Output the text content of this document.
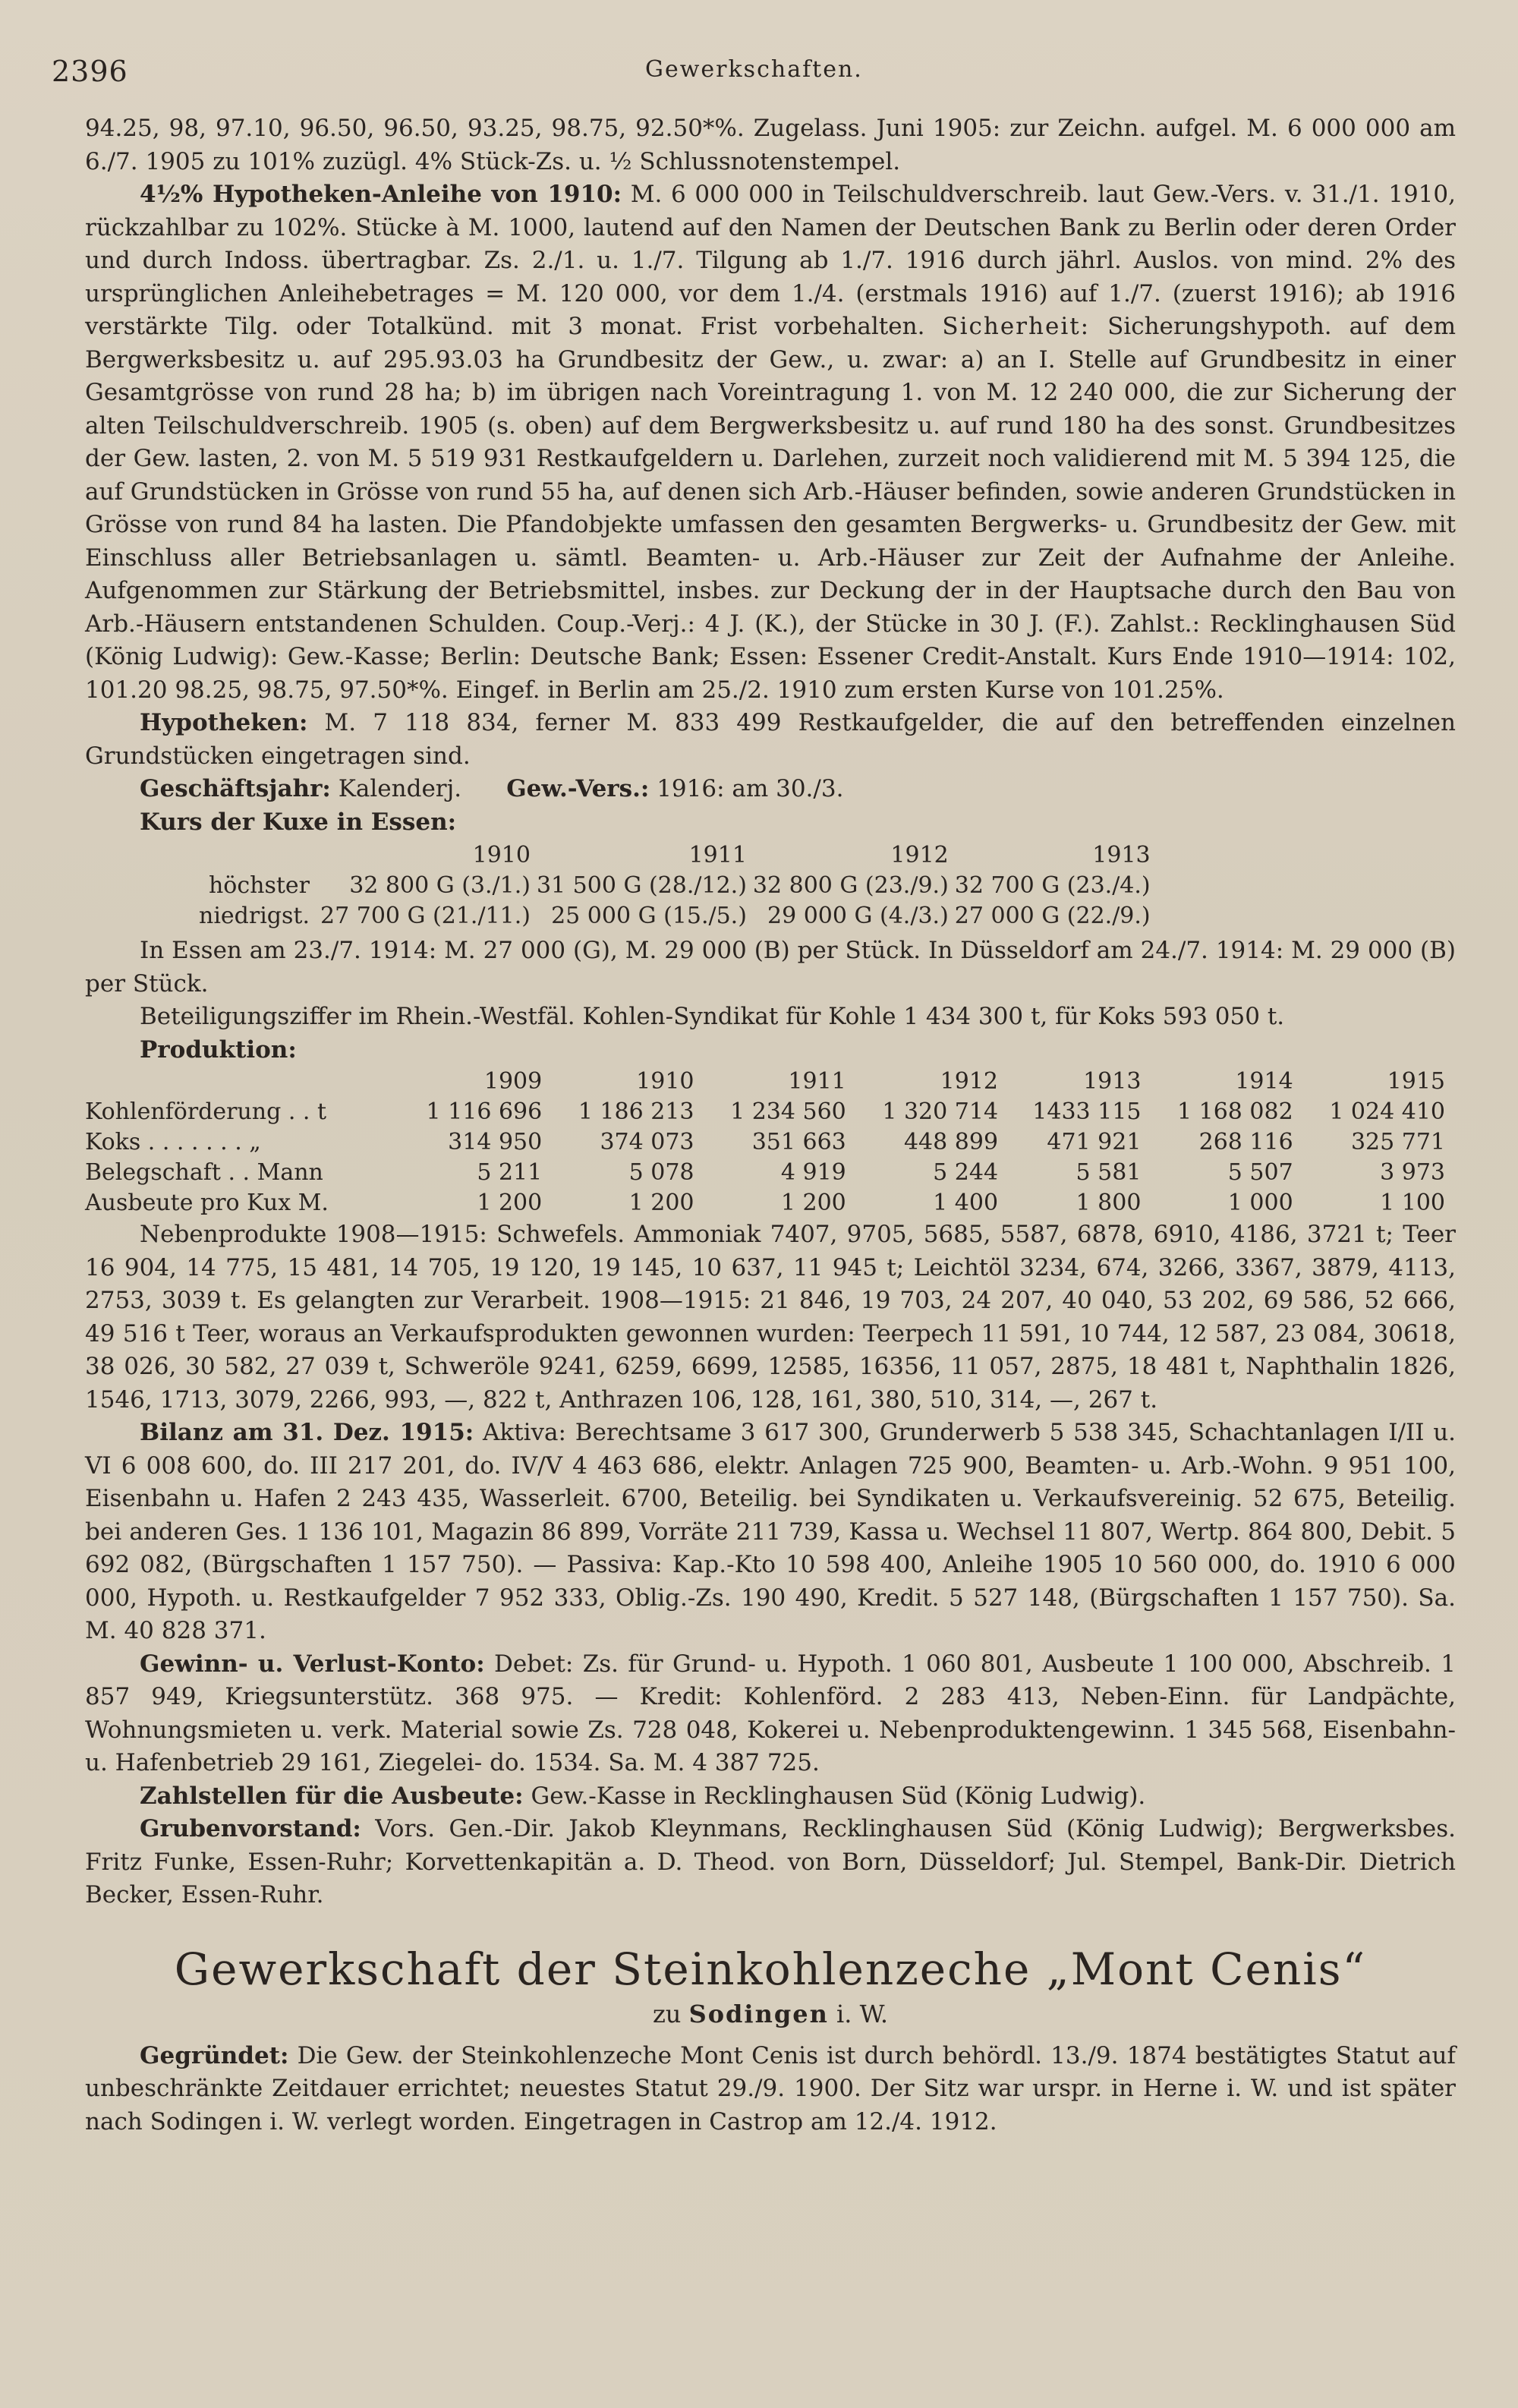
2396	Gewerkschaften.

94.25, 98, 97.10, 96.50, 96.50, 93.25, 98.75, 92.50*%. Zugelass. Juni 1905: zur Zeichn. aufgel. M. 6 000 000 am 6./7. 1905 zu 101% zuzügl. 4% Stück-Zs. u. ½ Schlussnotenstempel.

4½% Hypotheken-Anleihe von 1910: M. 6 000 000 in Teilschuldverschreib. laut Gew.-Vers. v. 31./1. 1910, rückzahlbar zu 102%. Stücke à M. 1000, lautend auf den Namen der Deutschen Bank zu Berlin oder deren Order und durch Indoss. übertragbar. Zs. 2./1. u. 1./7. Tilgung ab 1./7. 1916 durch jährl. Auslos. von mind. 2% des ursprünglichen Anleihebetrages = M. 120 000, vor dem 1./4. (erstmals 1916) auf 1./7. (zuerst 1916); ab 1916 verstärkte Tilg. oder Totalkünd. mit 3 monat. Frist vorbehalten. Sicherheit: Sicherungshypoth. auf dem Bergwerksbesitz u. auf 295.93.03 ha Grundbesitz der Gew., u. zwar: a) an I. Stelle auf Grundbesitz in einer Gesamtgrösse von rund 28 ha; b) im übrigen nach Voreintragung 1. von M. 12 240 000, die zur Sicherung der alten Teilschuldverschreib. 1905 (s. oben) auf dem Bergwerksbesitz u. auf rund 180 ha des sonst. Grundbesitzes der Gew. lasten, 2. von M. 5 519 931 Restkaufgeldern u. Darlehen, zurzeit noch validierend mit M. 5 394 125, die auf Grundstücken in Grösse von rund 55 ha, auf denen sich Arb.-Häuser befinden, sowie anderen Grundstücken in Grösse von rund 84 ha lasten. Die Pfandobjekte umfassen den gesamten Bergwerks- u. Grundbesitz der Gew. mit Einschluss aller Betriebsanlagen u. sämtl. Beamten- u. Arb.-Häuser zur Zeit der Aufnahme der Anleihe. Aufgenommen zur Stärkung der Betriebsmittel, insbes. zur Deckung der in der Hauptsache durch den Bau von Arb.-Häusern entstandenen Schulden. Coup.-Verj.: 4 J. (K.), der Stücke in 30 J. (F.). Zahlst.: Recklinghausen Süd (König Ludwig): Gew.-Kasse; Berlin: Deutsche Bank; Essen: Essener Credit-Anstalt. Kurs Ende 1910—1914: 102, 101.20 98.25, 98.75, 97.50*%. Eingef. in Berlin am 25./2. 1910 zum ersten Kurse von 101.25%.

Hypotheken: M. 7 118 834, ferner M. 833 499 Restkaufgelder, die auf den betreffenden einzelnen Grundstücken eingetragen sind.

Geschäftsjahr: Kalenderj. Gew.-Vers.: 1916: am 30./3.

Kurs der Kuxe in Essen:

	1910	1911	1912	1913
höchster	32 800 G (3./1.)	31 500 G (28./12.)	32 800 G (23./9.)	32 700 G (23./4.)
niedrigst.	27 700 G (21./11.)	25 000 G (15./5.)	29 000 G (4./3.)	27 000 G (22./9.)

In Essen am 23./7. 1914: M. 27 000 (G), M. 29 000 (B) per Stück. In Düsseldorf am 24./7. 1914: M. 29 000 (B) per Stück.

Beteiligungsziffer im Rhein.-Westfäl. Kohlen-Syndikat für Kohle 1 434 300 t, für Koks 593 050 t.

Produktion:

	1909	1910	1911	1912	1913	1914	1915
Kohlenförderung . . t	1 116 696	1 186 213	1 234 560	1 320 714	1433 115	1 168 082	1 024 410
Koks . . . . . . . „	314 950	374 073	351 663	448 899	471 921	268 116	325 771
Belegschaft . . Mann	5 211	5 078	4 919	5 244	5 581	5 507	3 973
Ausbeute pro Kux M.	1 200	1 200	1 200	1 400	1 800	1 000	1 100

Nebenprodukte 1908—1915: Schwefels. Ammoniak 7407, 9705, 5685, 5587, 6878, 6910, 4186, 3721 t; Teer 16 904, 14 775, 15 481, 14 705, 19 120, 19 145, 10 637, 11 945 t; Leichtöl 3234, 674, 3266, 3367, 3879, 4113, 2753, 3039 t. Es gelangten zur Verarbeit. 1908—1915: 21 846, 19 703, 24 207, 40 040, 53 202, 69 586, 52 666, 49 516 t Teer, woraus an Verkaufsprodukten gewonnen wurden: Teerpech 11 591, 10 744, 12 587, 23 084, 30618, 38 026, 30 582, 27 039 t, Schweröle 9241, 6259, 6699, 12585, 16356, 11 057, 2875, 18 481 t, Naphthalin 1826, 1546, 1713, 3079, 2266, 993, —, 822 t, Anthrazen 106, 128, 161, 380, 510, 314, —, 267 t.

Bilanz am 31. Dez. 1915: Aktiva: Berechtsame 3 617 300, Grunderwerb 5 538 345, Schachtanlagen I/II u. VI 6 008 600, do. III 217 201, do. IV/V 4 463 686, elektr. Anlagen 725 900, Beamten- u. Arb.-Wohn. 9 951 100, Eisenbahn u. Hafen 2 243 435, Wasserleit. 6700, Beteilig. bei Syndikaten u. Verkaufsvereinig. 52 675, Beteilig. bei anderen Ges. 1 136 101, Magazin 86 899, Vorräte 211 739, Kassa u. Wechsel 11 807, Wertp. 864 800, Debit. 5 692 082, (Bürgschaften 1 157 750). — Passiva: Kap.-Kto 10 598 400, Anleihe 1905 10 560 000, do. 1910 6 000 000, Hypoth. u. Restkaufgelder 7 952 333, Oblig.-Zs. 190 490, Kredit. 5 527 148, (Bürgschaften 1 157 750). Sa. M. 40 828 371.

Gewinn- u. Verlust-Konto: Debet: Zs. für Grund- u. Hypoth. 1 060 801, Ausbeute 1 100 000, Abschreib. 1 857 949, Kriegsunterstütz. 368 975. — Kredit: Kohlenförd. 2 283 413, Neben-Einn. für Landpächte, Wohnungsmieten u. verk. Material sowie Zs. 728 048, Kokerei u. Nebenproduktengewinn. 1 345 568, Eisenbahn- u. Hafenbetrieb 29 161, Ziegelei- do. 1534. Sa. M. 4 387 725.

Zahlstellen für die Ausbeute: Gew.-Kasse in Recklinghausen Süd (König Ludwig).

Grubenvorstand: Vors. Gen.-Dir. Jakob Kleynmans, Recklinghausen Süd (König Ludwig); Bergwerksbes. Fritz Funke, Essen-Ruhr; Korvettenkapitän a. D. Theod. von Born, Düsseldorf; Jul. Stempel, Bank-Dir. Dietrich Becker, Essen-Ruhr.

Gewerkschaft der Steinkohlenzeche „Mont Cenis“
zu Sodingen i. W.

Gegründet: Die Gew. der Steinkohlenzeche Mont Cenis ist durch behördl. 13./9. 1874 bestätigtes Statut auf unbeschränkte Zeitdauer errichtet; neuestes Statut 29./9. 1900. Der Sitz war urspr. in Herne i. W. und ist später nach Sodingen i. W. verlegt worden. Eingetragen in Castrop am 12./4. 1912.
